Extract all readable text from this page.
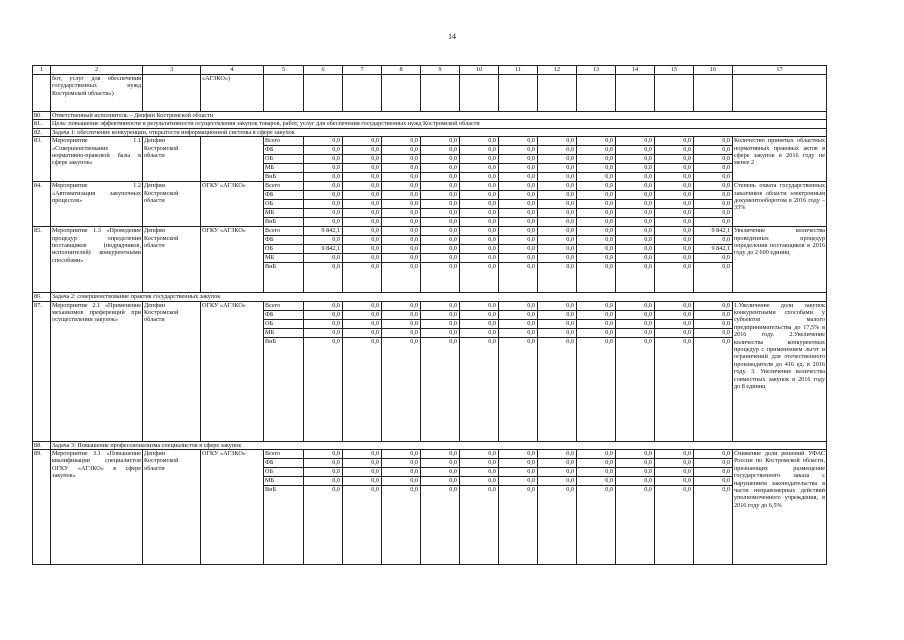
14
1	2	3	4	5	6	7	8	9	10	11	12	13	14	15	16	17
	бот, услуг для обеспечения государственных нужд Костромской области»)		«АГЗКО»)													
80.	Ответственный исполнитель – Депфин Костромской области															
81.	Цель: повышение эффективности и результативности осуществления закупок товаров, работ, услуг для обеспечения государственных нужд Костромской области															
82.	Задача 1: обеспечение конкуренции, открытости информационной системы в сфере закупок															
83.	Мероприятие 1.1 «Совершенствование нормативно-правовой базы в сфере закупок»	Депфин Костромской области		Всего	0,0	0,0	0,0	0,0	0,0	0,0	0,0	0,0	0,0	0,0	0,0	Количество принятых областных нормативных правовых актов в сфере закупок в 2016 году не менее 2
				ФБ	0,0	0,0	0,0	0,0	0,0	0,0	0,0	0,0	0,0	0,0	0,0	
				ОБ	0,0	0,0	0,0	0,0	0,0	0,0	0,0	0,0	0,0	0,0	0,0	
				МБ	0,0	0,0	0,0	0,0	0,0	0,0	0,0	0,0	0,0	0,0	0,0	
				ВнБ	0,0	0,0	0,0	0,0	0,0	0,0	0,0	0,0	0,0	0,0	0,0	
84.	Мероприятие 1.2 «Автоматизация закупочных процессов»	Депфин Костромской области	ОГКУ «АГЗКО»	Всего	0,0	0,0	0,0	0,0	0,0	0,0	0,0	0,0	0,0	0,0	0,0	Степень охвата государственных заказчиков области электронным документооборотом в 2016 году – 33%
				ФБ	0,0	0,0	0,0	0,0	0,0	0,0	0,0	0,0	0,0	0,0	0,0	
				ОБ	0,0	0,0	0,0	0,0	0,0	0,0	0,0	0,0	0,0	0,0	0,0	
				МБ	0,0	0,0	0,0	0,0	0,0	0,0	0,0	0,0	0,0	0,0	0,0	
				ВнБ	0,0	0,0	0,0	0,0	0,0	0,0	0,0	0,0	0,0	0,0	0,0	
85.	Мероприятие 1.3 «Проведение процедур определения поставщиков (подрядчиков, исполнителей) конкурентными способами»	Депфин Костромской области	ОГКУ «АГЗКО»	Всего	9 842,1	0,0	0,0	0,0	0,0	0,0	0,0	0,0	0,0	0,0	9 842,1	Увеличение количества проведенных процедур определения поставщиков в 2016 году до 2 600 единиц
				ФБ	0,0	0,0	0,0	0,0	0,0	0,0	0,0	0,0	0,0	0,0	0,0	
				ОБ	9 842,1	0,0	0,0	0,0	0,0	0,0	0,0	0,0	0,0	0,0	9 842,1	
				МБ	0,0	0,0	0,0	0,0	0,0	0,0	0,0	0,0	0,0	0,0	0,0	
				ВнБ	0,0	0,0	0,0	0,0	0,0	0,0	0,0	0,0	0,0	0,0	0,0	
86.	Задача 2: совершенствование практик государственных закупок															
87.	Мероприятие 2.1 «Применение механизмов преференций при осуществлении закупок»	Депфин Костромской области	ОГКУ «АГЗКО»	Всего	0,0	0,0	0,0	0,0	0,0	0,0	0,0	0,0	0,0	0,0	0,0	1.Увеличение доли закупок конкурентными способами у субъектов малого предпринимательства до 17,5% в 2016 году. 2.Увеличение количества конкурентных процедур с применением льгот и ограничений для отечественного производителя до 416 ед. в 2016 году. 3. Увеличение количества совместных закупок в 2016 году до 8 единиц
				ФБ	0,0	0,0	0,0	0,0	0,0	0,0	0,0	0,0	0,0	0,0	0,0	
				ОБ	0,0	0,0	0,0	0,0	0,0	0,0	0,0	0,0	0,0	0,0	0,0	
				МБ	0,0	0,0	0,0	0,0	0,0	0,0	0,0	0,0	0,0	0,0	0,0	
				ВнБ	0,0	0,0	0,0	0,0	0,0	0,0	0,0	0,0	0,0	0,0	0,0	
88.	Задача 3: Повышение профессионализма специалистов в сфере закупок															
89.	Мероприятие 3.1 «Повышение квалификации специалистов ОГКУ «АГЗКО» в сфере закупок»	Депфин Костромской области	ОГКУ «АГЗКО»	Всего	0,0	0,0	0,0	0,0	0,0	0,0	0,0	0,0	0,0	0,0	0,0	Снижение доли решений УФАС России по Костромской области, признающих размещение государственного заказа с нарушением законодательства в части неправомерных действий уполномоченного учреждения, в 2016 году до 6,5%
				ФБ	0,0	0,0	0,0	0,0	0,0	0,0	0,0	0,0	0,0	0,0	0,0	
				ОБ	0,0	0,0	0,0	0,0	0,0	0,0	0,0	0,0	0,0	0,0	0,0	
				МБ	0,0	0,0	0,0	0,0	0,0	0,0	0,0	0,0	0,0	0,0	0,0	
				ВнБ	0,0	0,0	0,0	0,0	0,0	0,0	0,0	0,0	0,0	0,0	0,0	
